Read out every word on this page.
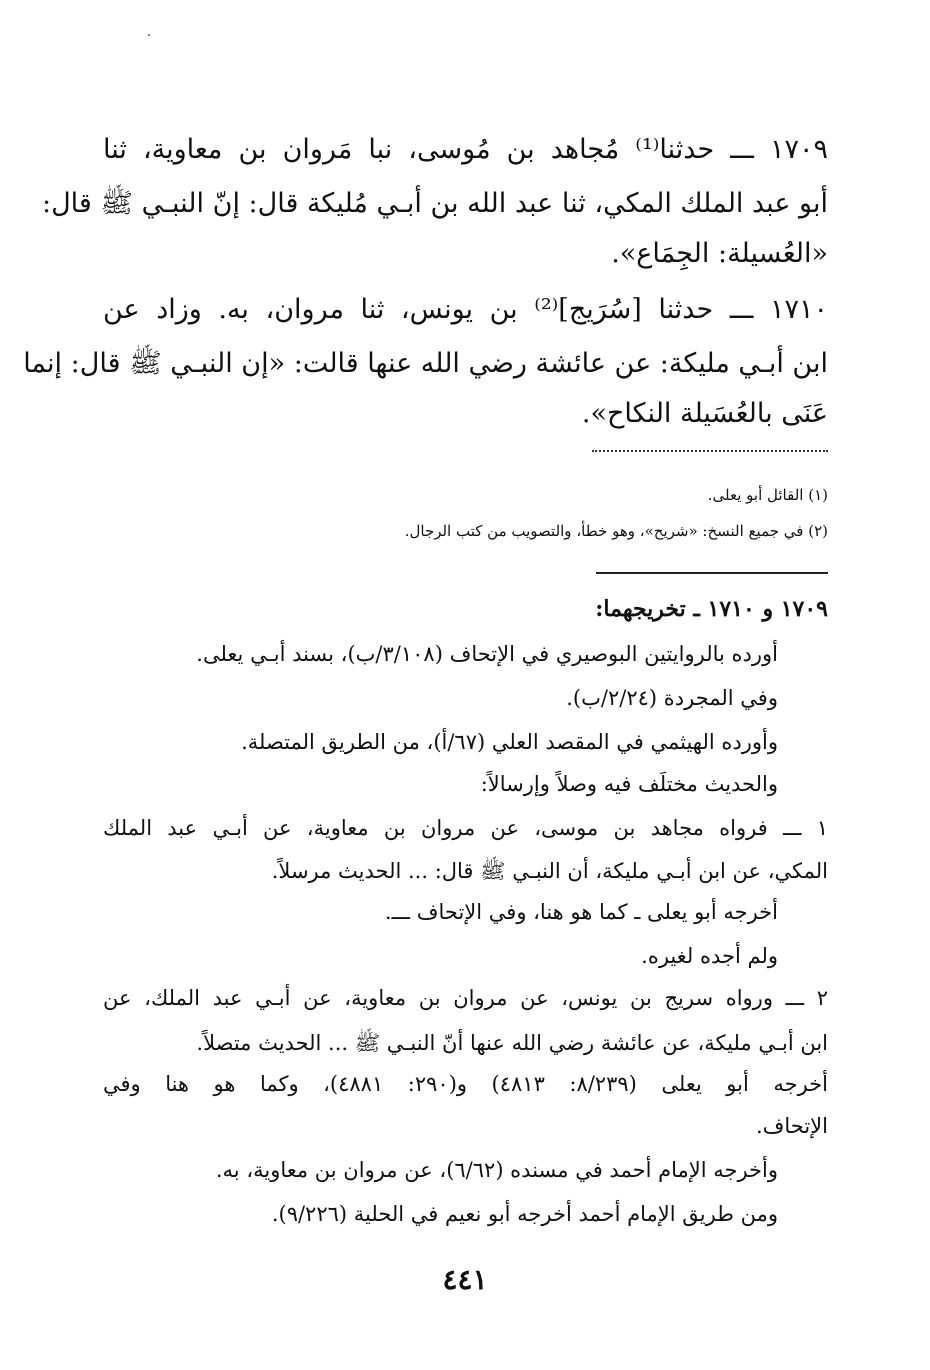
١٧٠٩ ـــ حدثنا⁽¹⁾ مُجاهد بن مُوسى، نبا مَروان بن معاوية، ثنا
أبو عبد الملك المكي، ثنا عبد الله بن أبـي مُليكة قال: إنّ النبـي ﷺ قال:
«العُسيلة: الجِمَاع».
١٧١٠ ـــ حدثنا [سُرَيج]⁽²⁾ بن يونس، ثنا مروان، به. وزاد عن
ابن أبـي مليكة: عن عائشة رضي الله عنها قالت: «إن النبـي ﷺ قال: إنما
عَنَى بالعُسَيلة النكاح».
(١) القائل أبو يعلى.
(٢) في جميع النسخ: «شريح»، وهو خطأ، والتصويب من كتب الرجال.
١٧٠٩ و ١٧١٠ ـ تخريجهما:
أورده بالروايتين البوصيري في الإتحاف (٣/١٠٨/ب)، بسند أبـي يعلى.
وفي المجردة (٢/٢٤/ب).
وأورده الهيثمي في المقصد العلي (٦٧/أ)، من الطريق المتصلة.
والحديث مختلَف فيه وصلاً وإرسالاً:
١ ـــ فرواه مجاهد بن موسى، عن مروان بن معاوية، عن أبـي عبد الملك
المكي، عن ابن أبـي مليكة، أن النبـي ﷺ قال: ... الحديث مرسلاً.
أخرجه أبو يعلى ـ كما هو هنا، وفي الإتحاف ـــ.
ولم أجده لغيره.
٢ ـــ ورواه سريج بن يونس، عن مروان بن معاوية، عن أبـي عبد الملك، عن
ابن أبـي مليكة، عن عائشة رضي الله عنها أنّ النبـي ﷺ ... الحديث متصلاً.
أخرجه أبو يعلى (٨/٢٣٩: ٤٨١٣) و(٢٩٠: ٤٨٨١)، وكما هو هنا وفي
الإتحاف.
وأخرجه الإمام أحمد في مسنده (٦/٦٢)، عن مروان بن معاوية، به.
ومن طريق الإمام أحمد أخرجه أبو نعيم في الحلية (٩/٢٢٦).
٤٤١
